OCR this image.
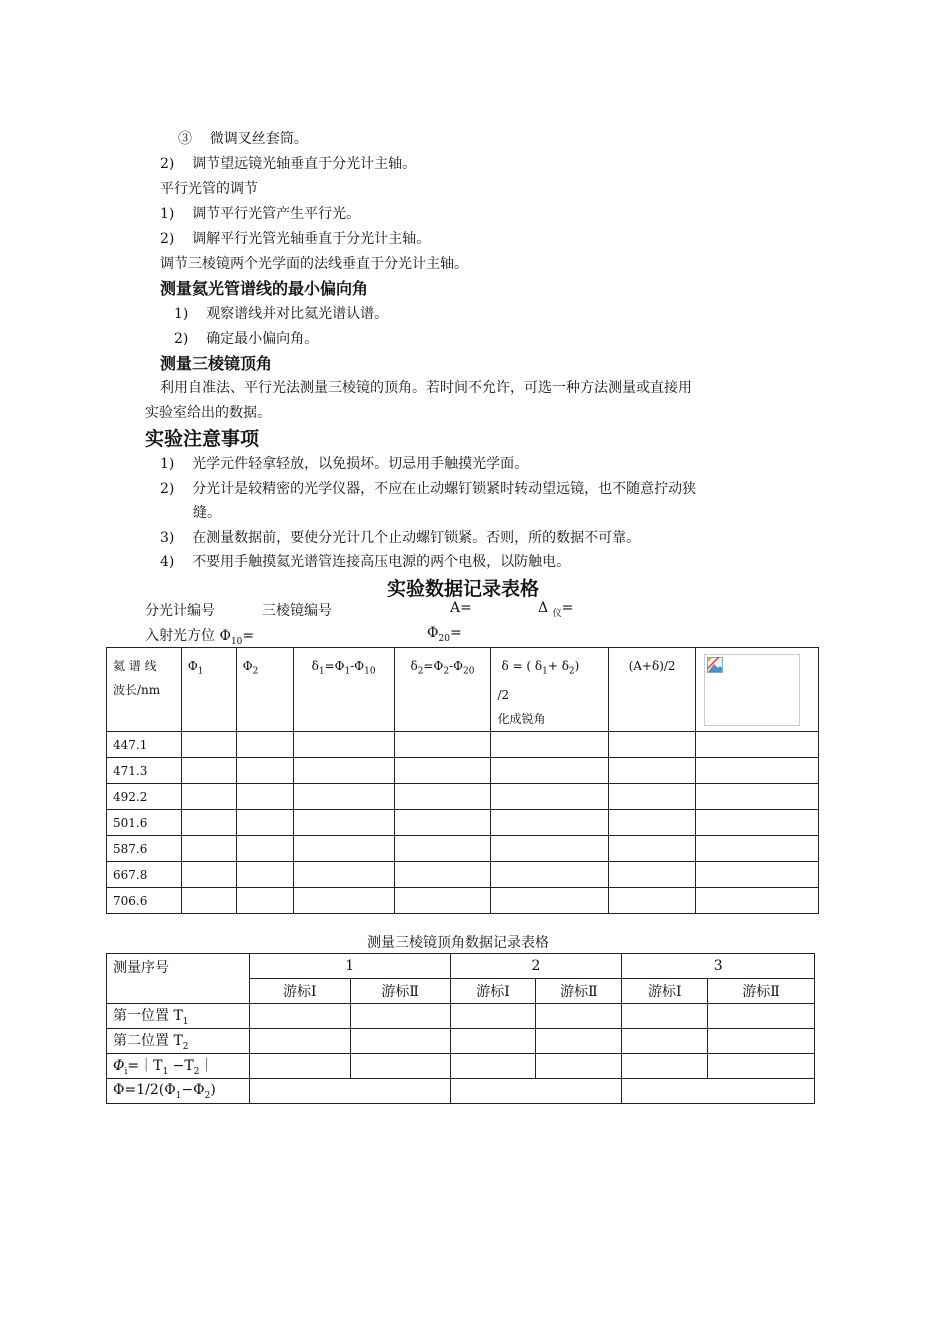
③ 微调叉丝套筒。
2) 调节望远镜光轴垂直于分光计主轴。
平行光管的调节
1) 调节平行光管产生平行光。
2) 调解平行光管光轴垂直于分光计主轴。
调节三棱镜两个光学面的法线垂直于分光计主轴。
测量氦光管谱线的最小偏向角
1) 观察谱线并对比氦光谱认谱。
2) 确定最小偏向角。
测量三棱镜顶角
利用自准法、平行光法测量三棱镜的顶角。若时间不允许，可选一种方法测量或直接用
实验室给出的数据。
实验注意事项
1) 光学元件轻拿轻放，以免损坏。切忌用手触摸光学面。
2) 分光计是较精密的光学仪器，不应在止动螺钉锁紧时转动望远镜，也不随意拧动狭
缝。
3) 在测量数据前，要使分光计几个止动螺钉锁紧。否则，所的数据不可靠。
4) 不要用手触摸氦光谱管连接高压电源的两个电极，以防触电。
实验数据记录表格
分光计编号	三棱镜编号	A=	Δ $_仪$=
入射光方位 $\Phi_{10}=$	$\Phi_{20}=$
氦 谱 线
波长/nm	$\Phi_1$	$\Phi_2$	$\delta_1=\Phi_1-\Phi_{10}$	$\delta_2=\Phi_2-\Phi_{20}$	δ = ( $\delta_1+ \delta_2$)
/2
化成锐角	(A+δ)/2	

447.1							
471.3							
492.2							
501.6							
587.6							
667.8							
706.6							
测量三棱镜顶角数据记录表格
测量序号	1		2		3	
	游标Ⅰ	游标Ⅱ	游标Ⅰ	游标Ⅱ	游标Ⅰ	游标Ⅱ
第一位置 $T_1$						
第二位置 $T_2$						
$\Phi_i=|T_1$ $-T_2|$						
$\Phi=1/2(\Phi_1-\Phi_2)$						
